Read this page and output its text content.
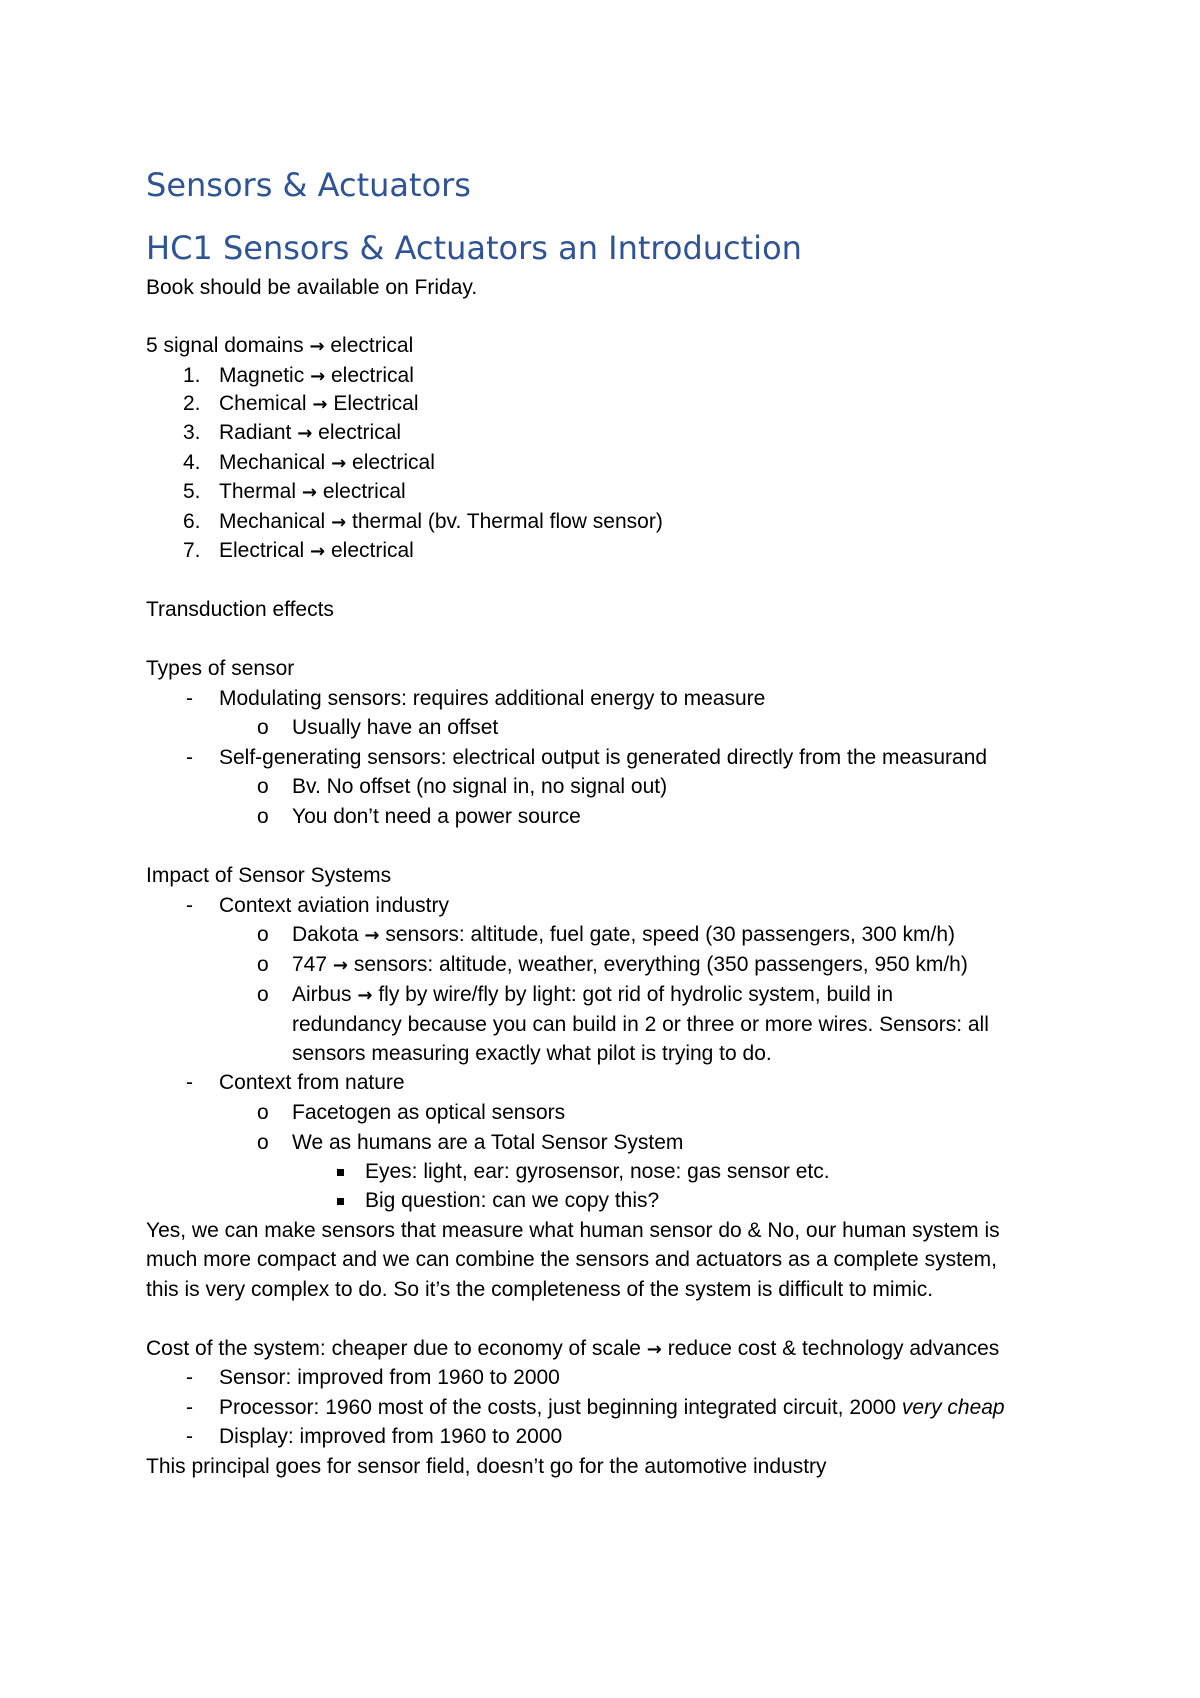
Sensors & Actuators
HC1 Sensors & Actuators an Introduction
Book should be available on Friday.
5 signal domains → electrical
1. Magnetic → electrical
2. Chemical → Electrical
3. Radiant → electrical
4. Mechanical → electrical
5. Thermal → electrical
6. Mechanical → thermal (bv. Thermal flow sensor)
7. Electrical → electrical
Transduction effects
Types of sensor
- Modulating sensors: requires additional energy to measure
o Usually have an offset
- Self-generating sensors: electrical output is generated directly from the measurand
o Bv. No offset (no signal in, no signal out)
o You don’t need a power source
Impact of Sensor Systems
- Context aviation industry
o Dakota → sensors: altitude, fuel gate, speed (30 passengers, 300 km/h)
o 747 → sensors: altitude, weather, everything (350 passengers, 950 km/h)
o Airbus → fly by wire/fly by light: got rid of hydrolic system, build in
redundancy because you can build in 2 or three or more wires. Sensors: all
sensors measuring exactly what pilot is trying to do.
- Context from nature
o Facetogen as optical sensors
o We as humans are a Total Sensor System
Eyes: light, ear: gyrosensor, nose: gas sensor etc.
Big question: can we copy this?
Yes, we can make sensors that measure what human sensor do & No, our human system is
much more compact and we can combine the sensors and actuators as a complete system,
this is very complex to do. So it’s the completeness of the system is difficult to mimic.
Cost of the system: cheaper due to economy of scale → reduce cost & technology advances
- Sensor: improved from 1960 to 2000
- Processor: 1960 most of the costs, just beginning integrated circuit, 2000 very cheap
- Display: improved from 1960 to 2000
This principal goes for sensor field, doesn’t go for the automotive industry
